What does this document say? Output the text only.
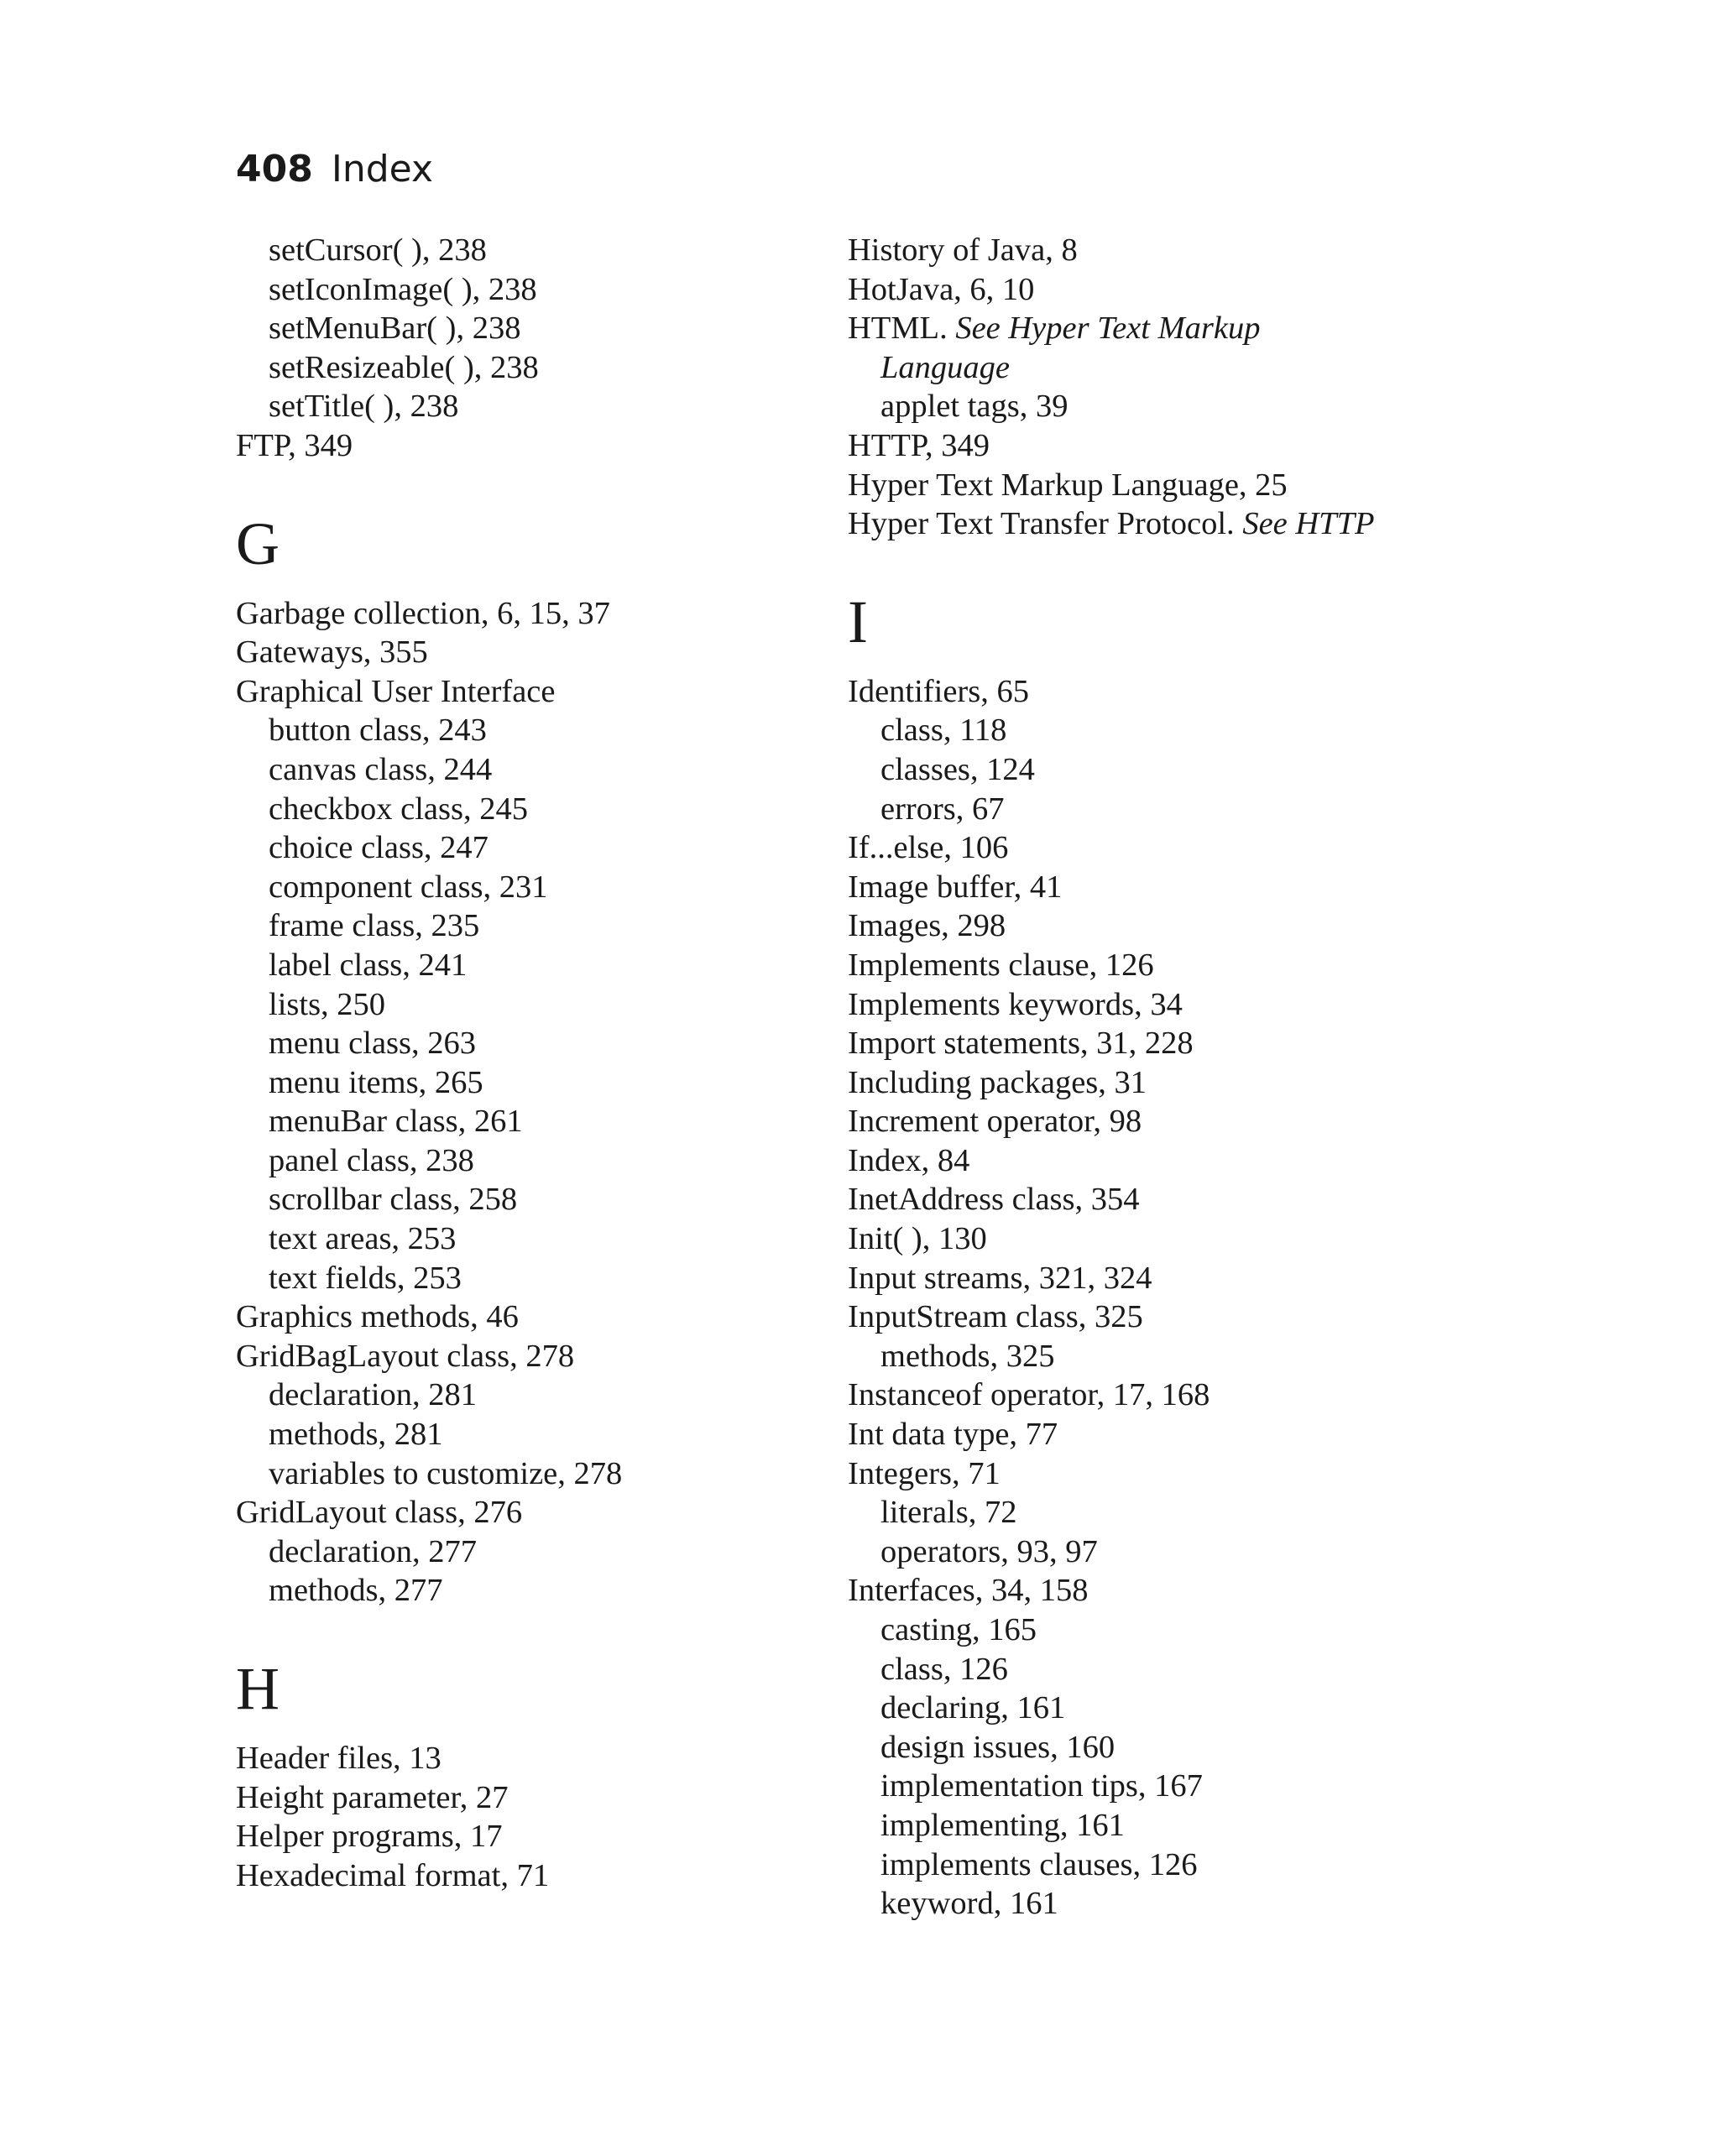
408 Index
setCursor( ), 238
setIconImage( ), 238
setMenuBar( ), 238
setResizeable( ), 238
setTitle( ), 238
FTP, 349
G
Garbage collection, 6, 15, 37
Gateways, 355
Graphical User Interface
button class, 243
canvas class, 244
checkbox class, 245
choice class, 247
component class, 231
frame class, 235
label class, 241
lists, 250
menu class, 263
menu items, 265
menuBar class, 261
panel class, 238
scrollbar class, 258
text areas, 253
text fields, 253
Graphics methods, 46
GridBagLayout class, 278
declaration, 281
methods, 281
variables to customize, 278
GridLayout class, 276
declaration, 277
methods, 277
H
Header files, 13
Height parameter, 27
Helper programs, 17
Hexadecimal format, 71
History of Java, 8
HotJava, 6, 10
HTML. See Hyper Text Markup
Language
applet tags, 39
HTTP, 349
Hyper Text Markup Language, 25
Hyper Text Transfer Protocol. See HTTP
I
Identifiers, 65
class, 118
classes, 124
errors, 67
If...else, 106
Image buffer, 41
Images, 298
Implements clause, 126
Implements keywords, 34
Import statements, 31, 228
Including packages, 31
Increment operator, 98
Index, 84
InetAddress class, 354
Init( ), 130
Input streams, 321, 324
InputStream class, 325
methods, 325
Instanceof operator, 17, 168
Int data type, 77
Integers, 71
literals, 72
operators, 93, 97
Interfaces, 34, 158
casting, 165
class, 126
declaring, 161
design issues, 160
implementation tips, 167
implementing, 161
implements clauses, 126
keyword, 161
